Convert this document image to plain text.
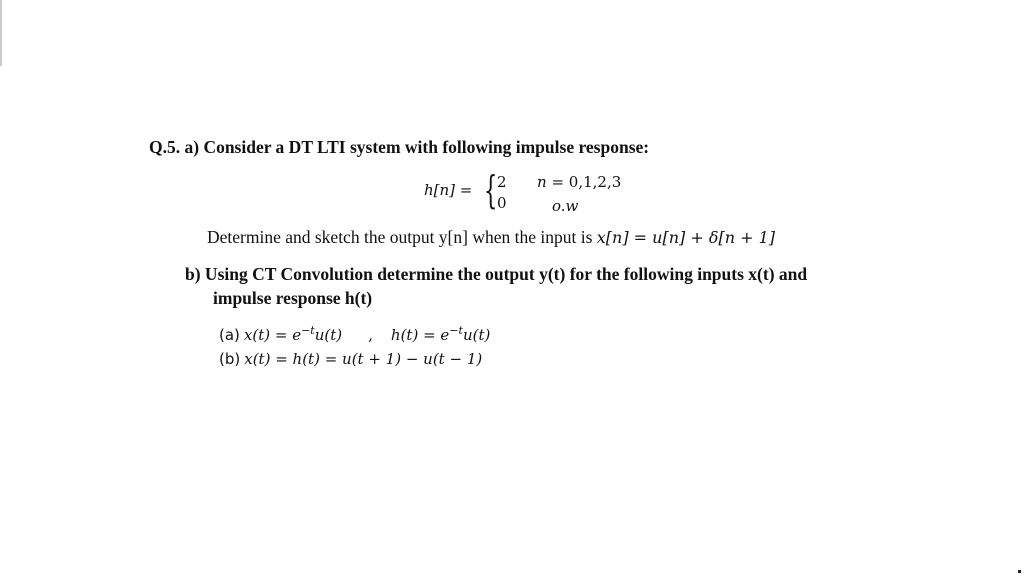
Q.5. a) Consider a DT LTI system with following impulse response:
h[n] = { 2 n = 0,1,2,3
0	o.w
Determine and sketch the output y[n] when the input is x[n] = u[n] + δ[n + 1]
b) Using CT Convolution determine the output y(t) for the following inputs x(t) and
impulse response h(t)
(a) $x(t) = e^{-t}u(t)$ , $h(t) = e^{-t}u(t)$
(b) x(t) = h(t) = u(t + 1) − u(t − 1)
